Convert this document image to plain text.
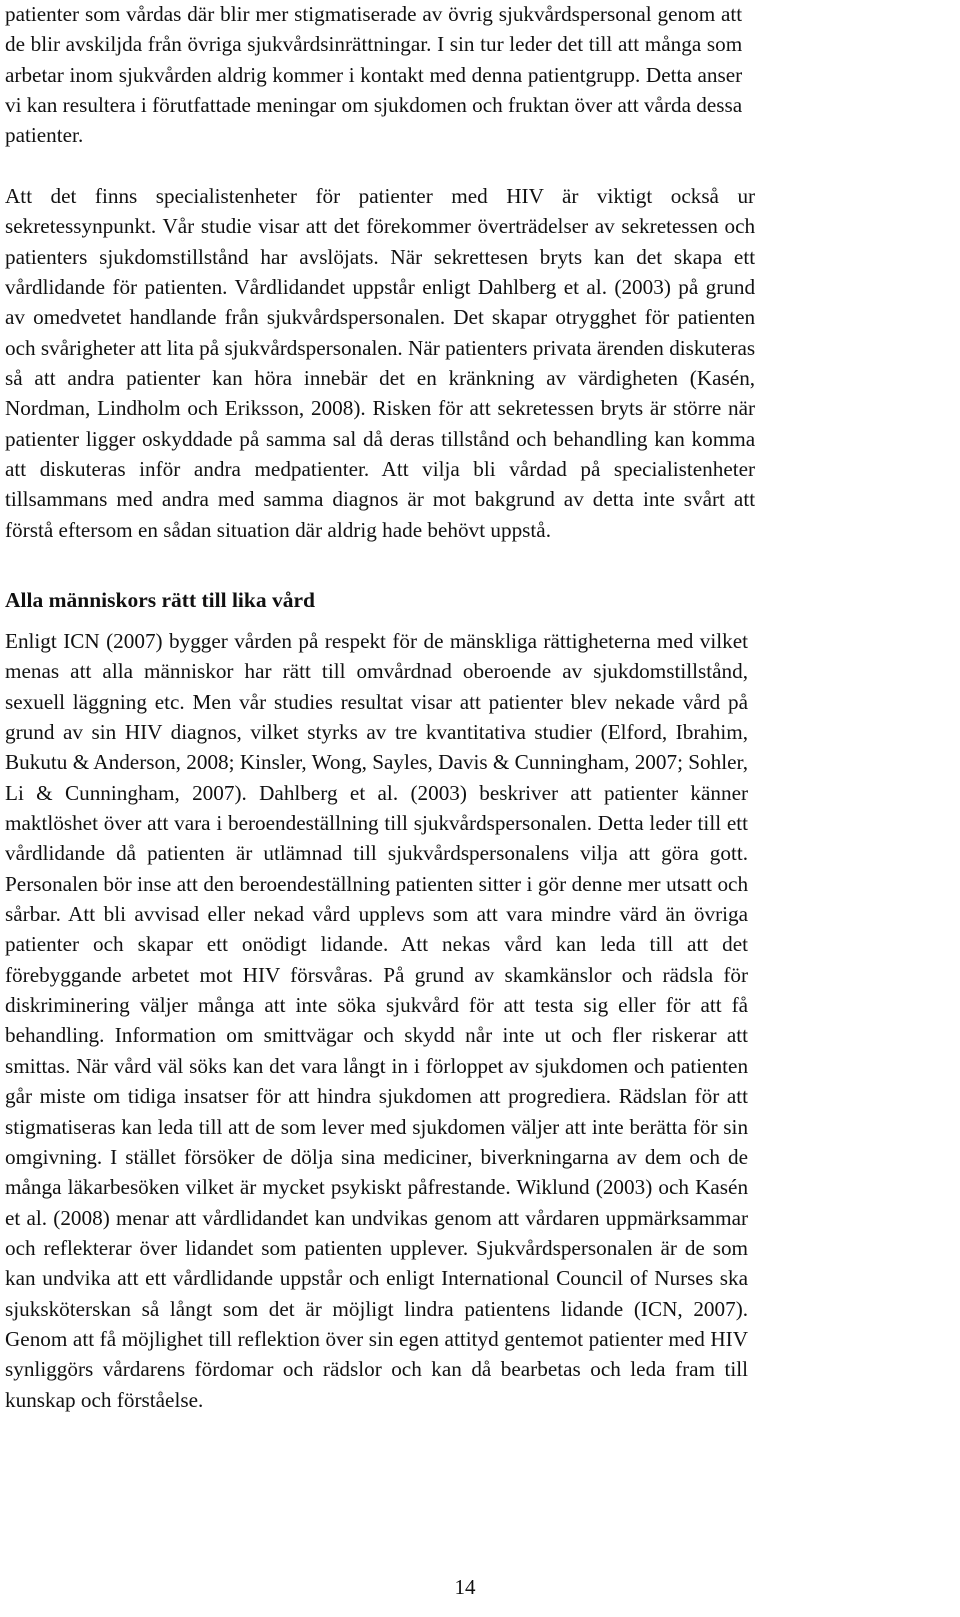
patienter som vårdas där blir mer stigmatiserade av övrig sjukvårdspersonal genom att
de blir avskiljda från övriga sjukvårdsinrättningar. I sin tur leder det till att många som
arbetar inom sjukvården aldrig kommer i kontakt med denna patientgrupp. Detta anser
vi kan resultera i förutfattade meningar om sjukdomen och fruktan över att vårda dessa
patienter.
Att det finns specialistenheter för patienter med HIV är viktigt också ur
sekretessynpunkt. Vår studie visar att det förekommer överträdelser av sekretessen och
patienters sjukdomstillstånd har avslöjats. När sekrettesen bryts kan det skapa ett
vårdlidande för patienten. Vårdlidandet uppstår enligt Dahlberg et al. (2003) på grund
av omedvetet handlande från sjukvårdspersonalen. Det skapar otrygghet för patienten
och svårigheter att lita på sjukvårdspersonalen. När patienters privata ärenden diskuteras
så att andra patienter kan höra innebär det en kränkning av värdigheten (Kasén,
Nordman, Lindholm och Eriksson, 2008). Risken för att sekretessen bryts är större när
patienter ligger oskyddade på samma sal då deras tillstånd och behandling kan komma
att diskuteras inför andra medpatienter. Att vilja bli vårdad på specialistenheter
tillsammans med andra med samma diagnos är mot bakgrund av detta inte svårt att
förstå eftersom en sådan situation där aldrig hade behövt uppstå.
Alla människors rätt till lika vård
Enligt ICN (2007) bygger vården på respekt för de mänskliga rättigheterna med vilket
menas att alla människor har rätt till omvårdnad oberoende av sjukdomstillstånd,
sexuell läggning etc. Men vår studies resultat visar att patienter blev nekade vård på
grund av sin HIV diagnos, vilket styrks av tre kvantitativa studier (Elford, Ibrahim,
Bukutu & Anderson, 2008; Kinsler, Wong, Sayles, Davis & Cunningham, 2007; Sohler,
Li & Cunningham, 2007). Dahlberg et al. (2003) beskriver att patienter känner
maktlöshet över att vara i beroendeställning till sjukvårdspersonalen. Detta leder till ett
vårdlidande då patienten är utlämnad till sjukvårdspersonalens vilja att göra gott.
Personalen bör inse att den beroendeställning patienten sitter i gör denne mer utsatt och
sårbar. Att bli avvisad eller nekad vård upplevs som att vara mindre värd än övriga
patienter och skapar ett onödigt lidande. Att nekas vård kan leda till att det
förebyggande arbetet mot HIV försvåras. På grund av skamkänslor och rädsla för
diskriminering väljer många att inte söka sjukvård för att testa sig eller för att få
behandling. Information om smittvägar och skydd når inte ut och fler riskerar att
smittas. När vård väl söks kan det vara långt in i förloppet av sjukdomen och patienten
går miste om tidiga insatser för att hindra sjukdomen att progrediera. Rädslan för att
stigmatiseras kan leda till att de som lever med sjukdomen väljer att inte berätta för sin
omgivning. I stället försöker de dölja sina mediciner, biverkningarna av dem och de
många läkarbesöken vilket är mycket psykiskt påfrestande. Wiklund (2003) och Kasén
et al. (2008) menar att vårdlidandet kan undvikas genom att vårdaren uppmärksammar
och reflekterar över lidandet som patienten upplever. Sjukvårdspersonalen är de som
kan undvika att ett vårdlidande uppstår och enligt International Council of Nurses ska
sjuksköterskan så långt som det är möjligt lindra patientens lidande (ICN, 2007).
Genom att få möjlighet till reflektion över sin egen attityd gentemot patienter med HIV
synliggörs vårdarens fördomar och rädslor och kan då bearbetas och leda fram till
kunskap och förståelse.
14
